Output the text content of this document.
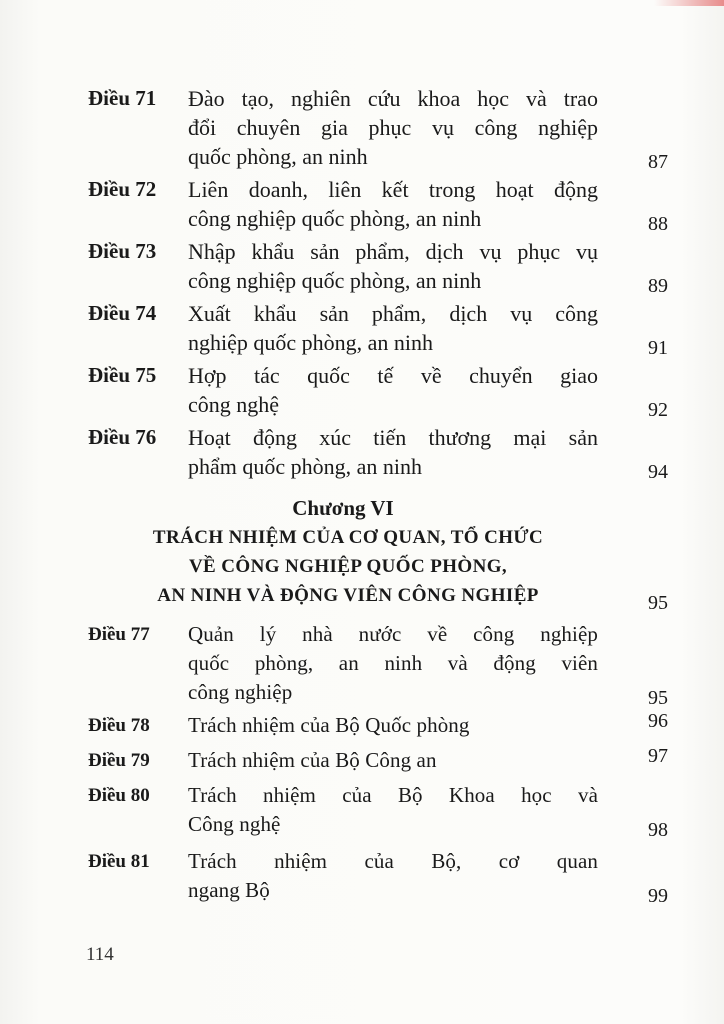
Điều 71	Đào tạo, nghiên cứu khoa học và trao
đổi chuyên gia phục vụ công nghiệp
quốc phòng, an ninh	87
Điều 72	Liên doanh, liên kết trong hoạt động
công nghiệp quốc phòng, an ninh	88
Điều 73	Nhập khẩu sản phẩm, dịch vụ phục vụ
công nghiệp quốc phòng, an ninh	89
Điều 74	Xuất khẩu sản phẩm, dịch vụ công
nghiệp quốc phòng, an ninh	91
Điều 75	Hợp tác quốc tế về chuyển giao
công nghệ	92
Điều 76	Hoạt động xúc tiến thương mại sản
phẩm quốc phòng, an ninh	94
Chương VI
TRÁCH NHIỆM CỦA CƠ QUAN, TỔ CHỨC
VỀ CÔNG NGHIỆP QUỐC PHÒNG,
AN NINH VÀ ĐỘNG VIÊN CÔNG NGHIỆP	95
Điều 77	Quản lý nhà nước về công nghiệp
quốc phòng, an ninh và động viên
công nghiệp	95
Điều 78	Trách nhiệm của Bộ Quốc phòng	96
Điều 79	Trách nhiệm của Bộ Công an	97
Điều 80	Trách nhiệm của Bộ Khoa học và
Công nghệ	98
Điều 81	Trách nhiệm của Bộ, cơ quan
ngang Bộ	99
114
